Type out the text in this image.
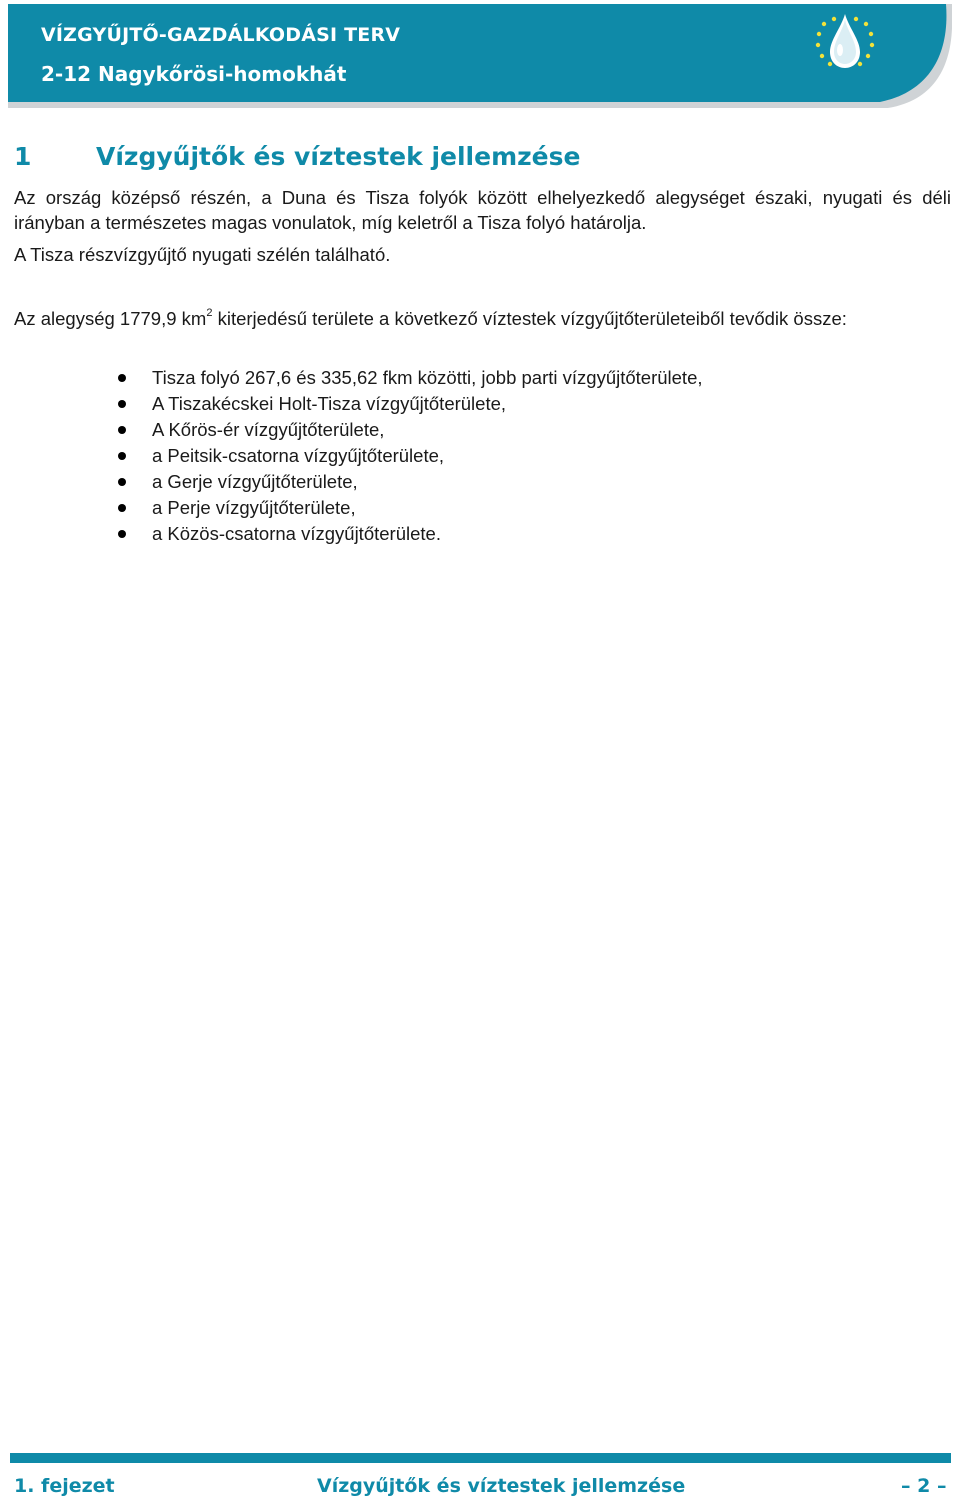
VÍZGYŰJTŐ-GAZDÁLKODÁSI TERV
2-12 Nagykőrösi-homokhát
1	Vízgyűjtők és víztestek jellemzése

Az ország középső részén, a Duna és Tisza folyók között elhelyezkedő alegységet északi, nyugati és déli irányban a természetes magas vonulatok, míg keletről a Tisza folyó határolja.

A Tisza részvízgyűjtő nyugati szélén található.

Az alegység 1779,9 $km^2$ kiterjedésű területe a következő víztestek vízgyűjtőterületeiből tevődik össze:

Tisza folyó 267,6 és 335,62 fkm közötti, jobb parti vízgyűjtőterülete,
A Tiszakécskei Holt-Tisza vízgyűjtőterülete,
A Kőrös-ér vízgyűjtőterülete,
a Peitsik-csatorna vízgyűjtőterülete,
a Gerje vízgyűjtőterülete,
a Perje vízgyűjtőterülete,
a Közös-csatorna vízgyűjtőterülete.
1. fejezet	Vízgyűjtők és víztestek jellemzése	– 2 –
